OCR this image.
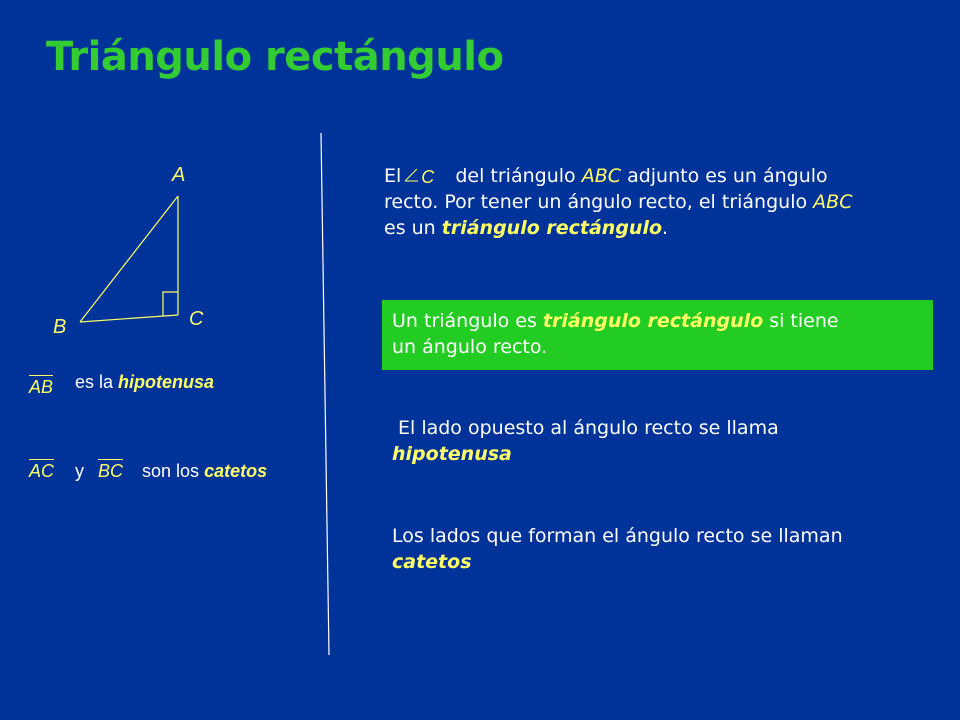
Triángulo rectángulo
A
B	C
AB es la hipotenusa
AC y BC son los catetos
El C del triángulo ABC adjunto es un ángulo
recto. Por tener un ángulo recto, el triángulo ABC
es un triángulo rectángulo.
Un triángulo es triángulo rectángulo si tiene
un ángulo recto.
El lado opuesto al ángulo recto se llama
hipotenusa
Los lados que forman el ángulo recto se llaman
catetos
